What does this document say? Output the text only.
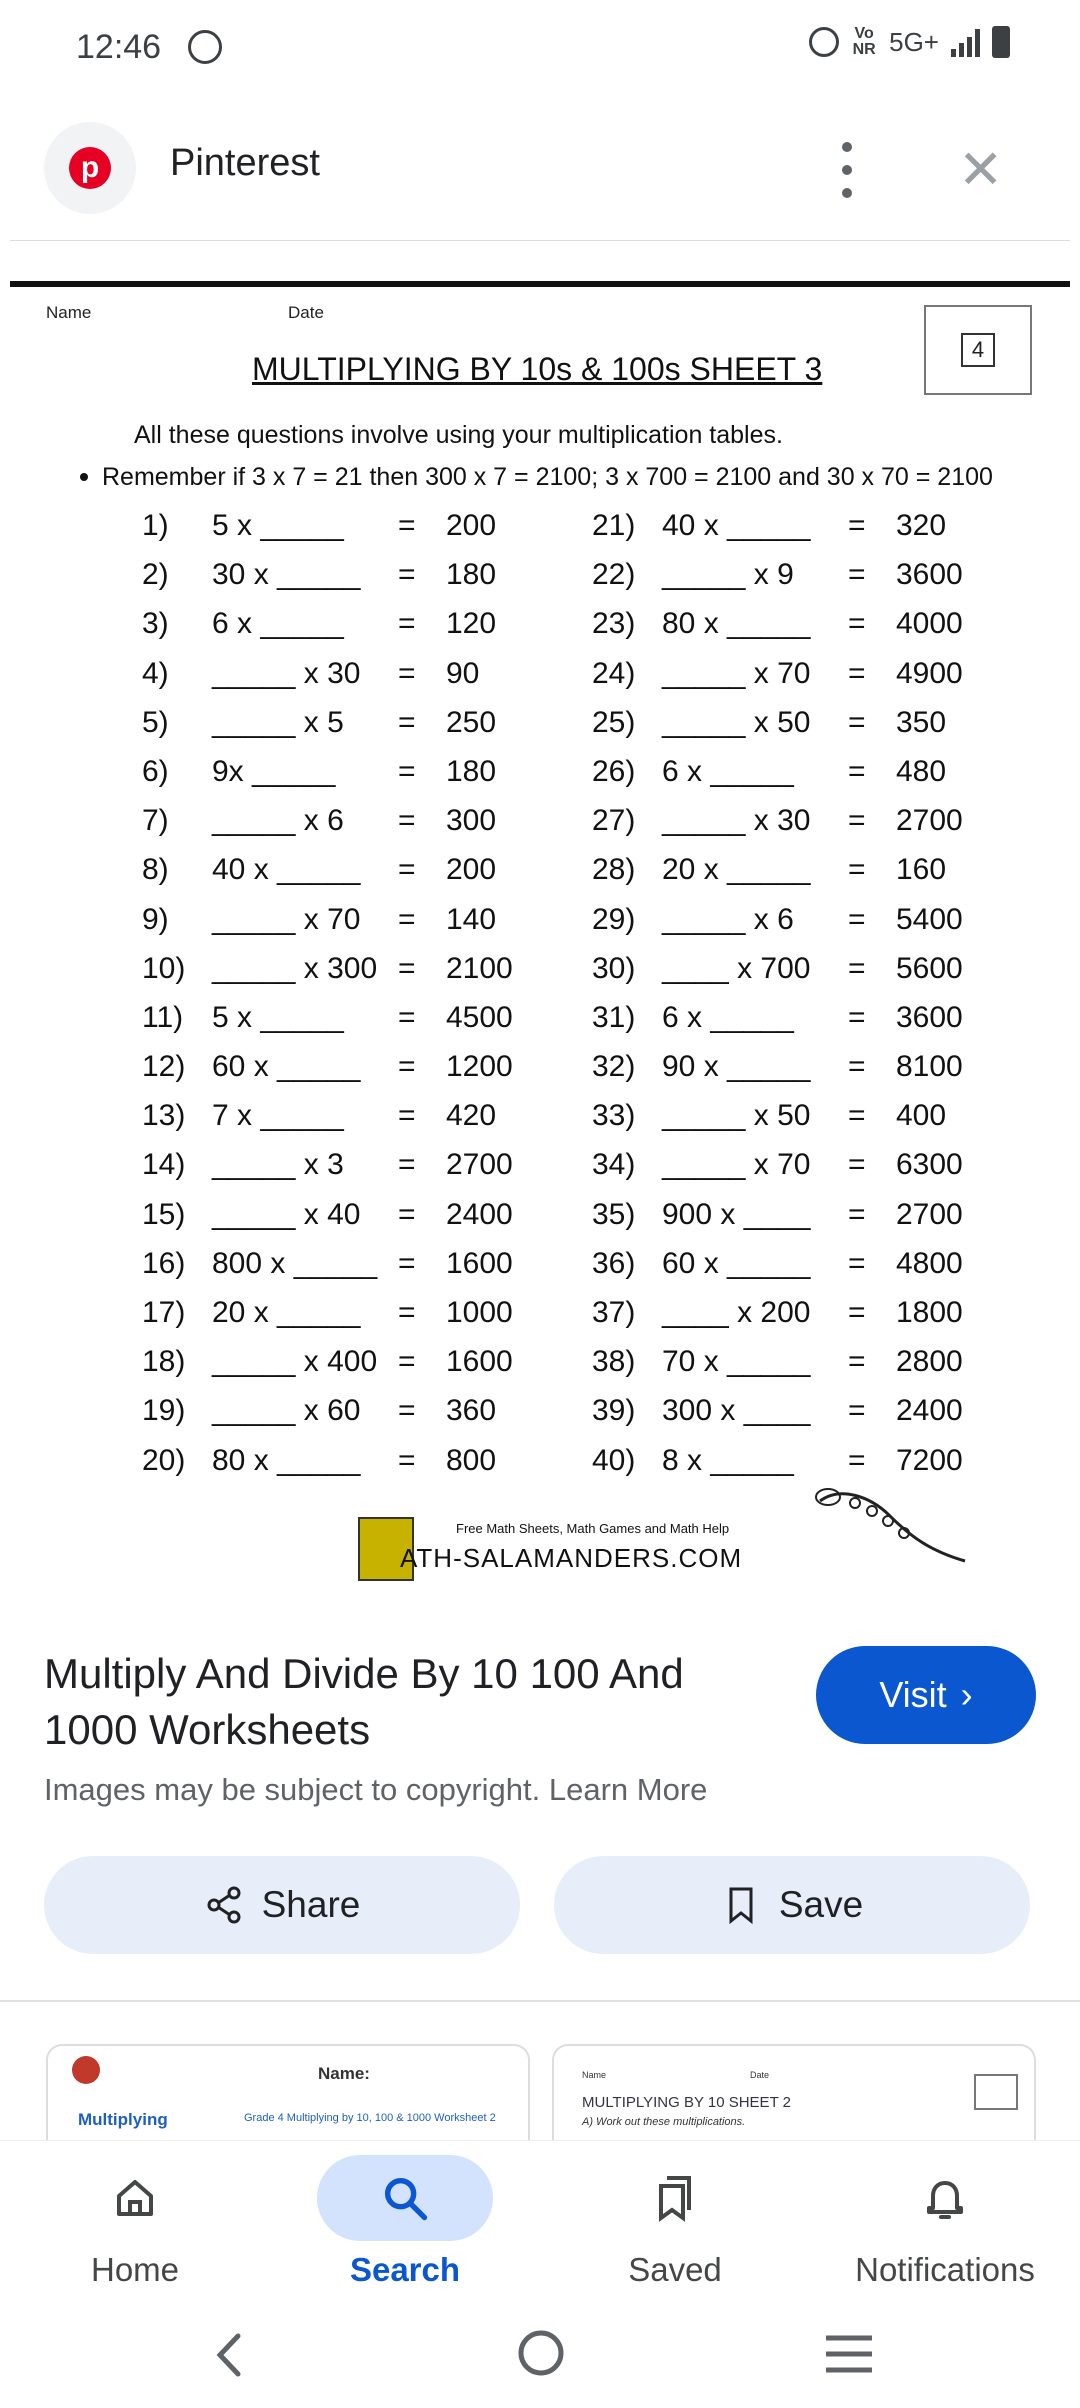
12:46	Vo
NR 5G+
p	Pinterest	✕
Name	Date
MULTIPLYING BY 10s & 100s SHEET 3
4
All these questions involve using your multiplication tables.
Remember if 3 x 7 = 21 then 300 x 7 = 2100; 3 x 700 = 2100 and 30 x 70 = 2100
1) 5 x _____ = 200
2) 30 x _____ = 180
3) 6 x _____ = 120
4) _____ x 30 = 90
5) _____ x 5 = 250
6) 9x _____ = 180
7) _____ x 6 = 300
8) 40 x _____ = 200
9) _____ x 70 = 140
10) _____ x 300 = 2100
11) 5 x _____ = 4500
12) 60 x _____ = 1200
13) 7 x _____ = 420
14) _____ x 3 = 2700
15) _____ x 40 = 2400
16) 800 x _____ = 1600
17) 20 x _____ = 1000
18) _____ x 400 = 1600
19) _____ x 60 = 360
20) 80 x _____ = 800
21) 40 x _____ = 320
22) _____ x 9 = 3600
23) 80 x _____ = 4000
24) _____ x 70 = 4900
25) _____ x 50 = 350
26) 6 x _____ = 480
27) _____ x 30 = 2700
28) 20 x _____ = 160
29) _____ x 6 = 5400
30) ____ x 700 = 5600
31) 6 x _____ = 3600
32) 90 x _____ = 8100
33) _____ x 50 = 400
34) _____ x 70 = 6300
35) 900 x ____ = 2700
36) 60 x _____ = 4800
37) ____ x 200 = 1800
38) 70 x _____ = 2800
39) 300 x ____ = 2400
40) 8 x _____ = 7200
Free Math Sheets, Math Games and Math Help
ATH-SALAMANDERS.COM
Multiply And Divide By 10 100 And 1000 Worksheets
Visit ›
Images may be subject to copyright. Learn More
Share	Save
Name:
Multiplying	Grade 4 Multiplying by 10, 100 & 1000 Worksheet 2
Name	Date
MULTIPLYING BY 10 SHEET 2
A) Work out these multiplications.
Home	Search	Saved	Notifications
